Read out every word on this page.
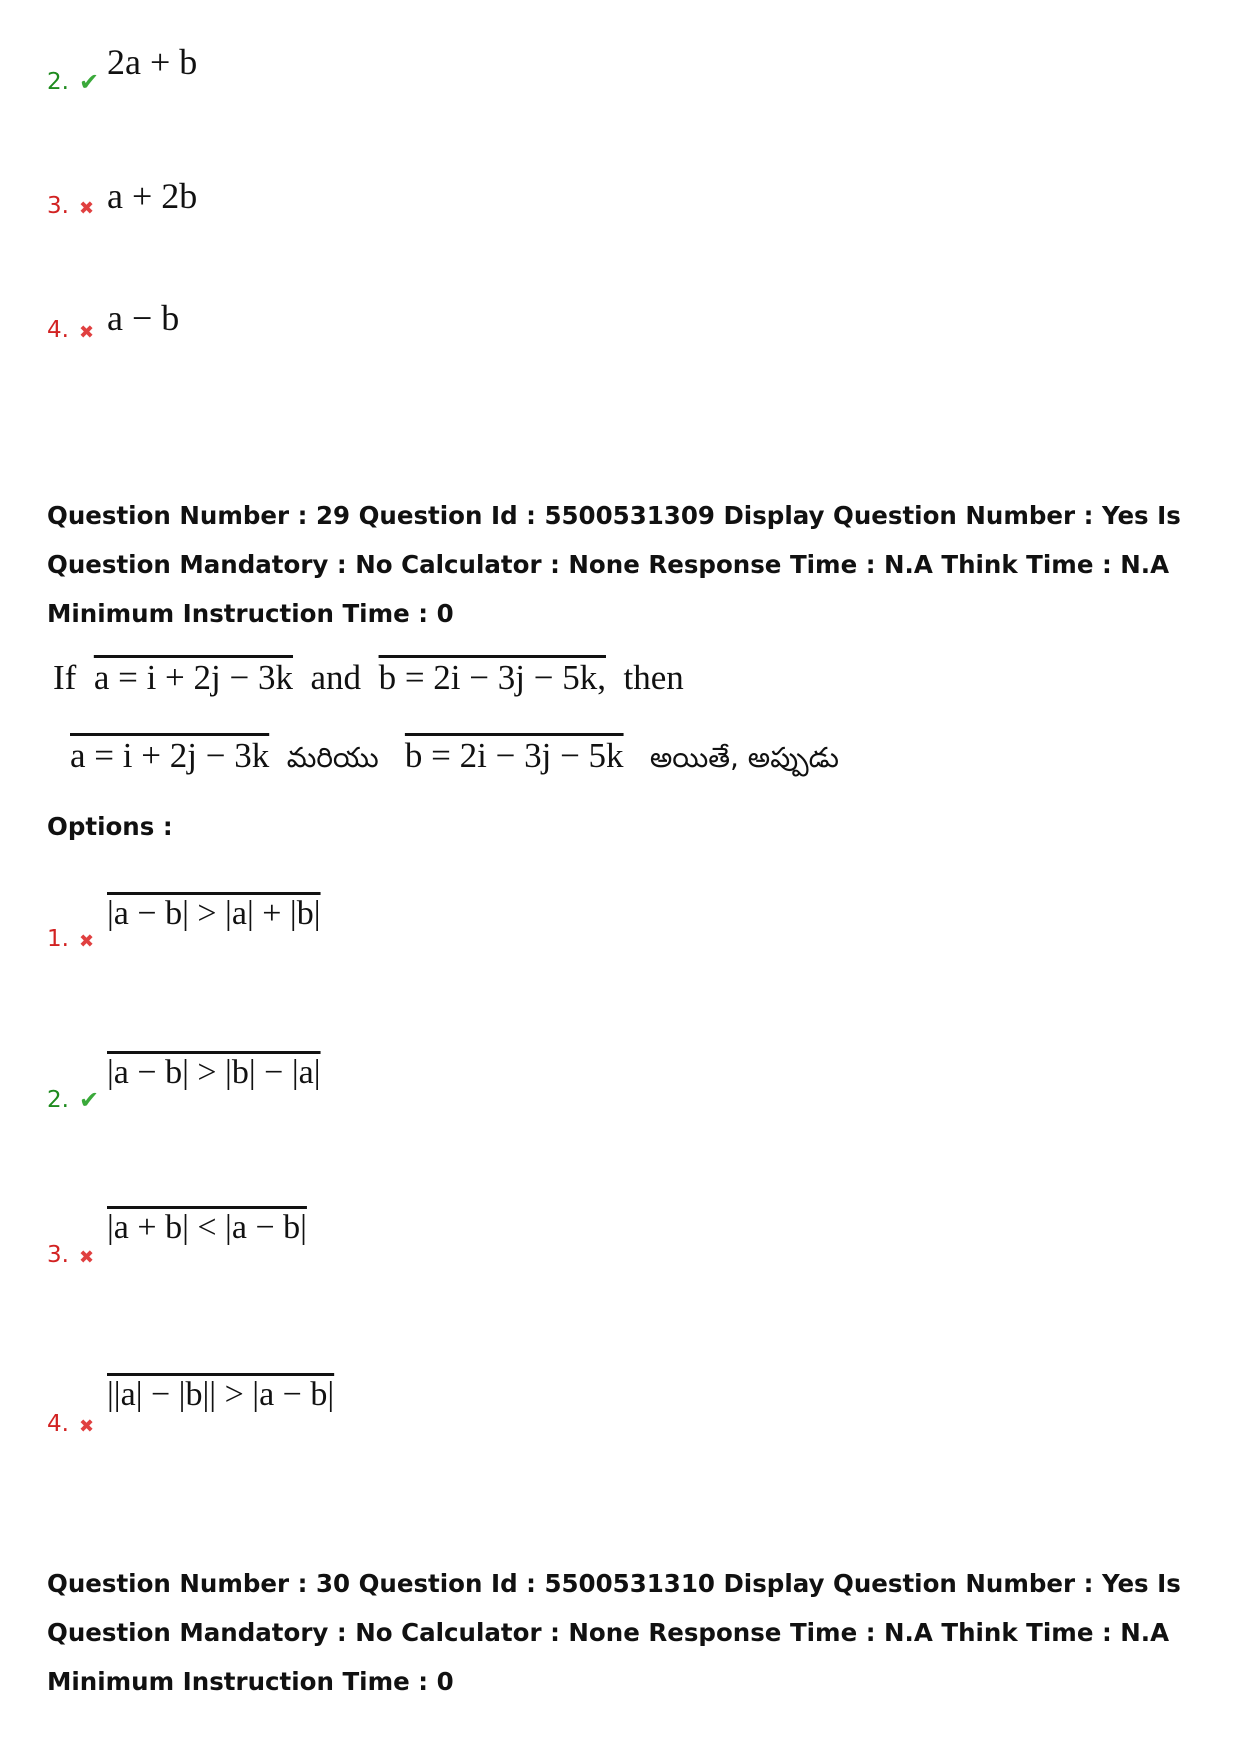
2. ✔ 2a + b
3. ✖ a + 2b
4. ✖ a − b
Question Number : 29 Question Id : 5500531309 Display Question Number : Yes Is Question Mandatory : No Calculator : None Response Time : N.A Think Time : N.A Minimum Instruction Time : 0
If a = i + 2j − 3k and b = 2i − 3j − 5k, then
a = i + 2j − 3k మరియు b = 2i − 3j − 5k అయితే, అప్పుడు
Options :
1. ✖
|a − b| > |a| + |b|
2. ✔
|a − b| > |b| − |a|
3. ✖
|a + b| < |a − b|
4. ✖
||a| − |b|| > |a − b|
Question Number : 30 Question Id : 5500531310 Display Question Number : Yes Is Question Mandatory : No Calculator : None Response Time : N.A Think Time : N.A Minimum Instruction Time : 0
